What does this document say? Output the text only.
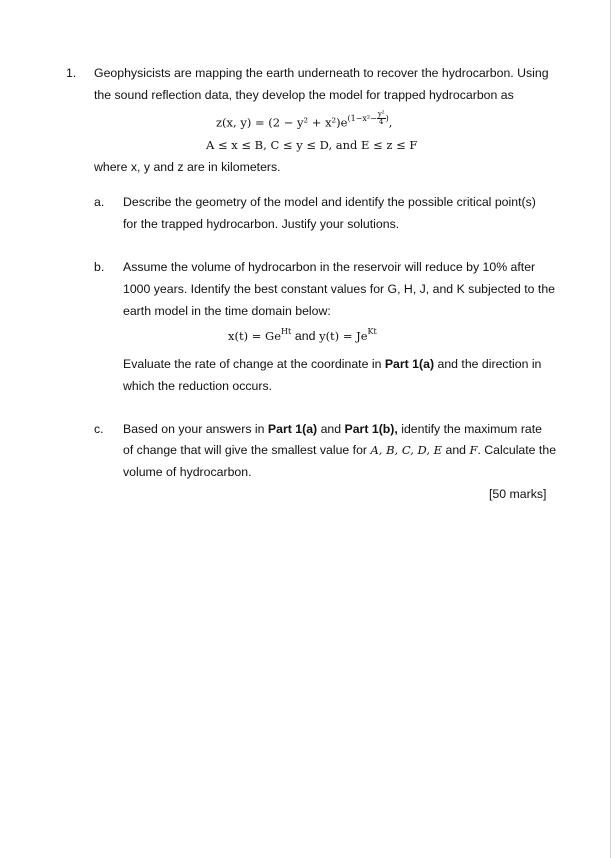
1. Geophysicists are mapping the earth underneath to recover the hydrocarbon. Using
the sound reflection data, they develop the model for trapped hydrocarbon as
z(x, $y) = (2 - y^2 + x^2)e^{(1-x^2- \frac{\text{y²}}{4} )}$,
A ≤ x ≤ B, C ≤ y ≤ D, and E ≤ z ≤ F
where x, y and z are in kilometers.
a. Describe the geometry of the model and identify the possible critical point(s)
for the trapped hydrocarbon. Justify your solutions.
b. Assume the volume of hydrocarbon in the reservoir will reduce by 10% after
1000 years. Identify the best constant values for G, H, J, and K subjected to the
earth model in the time domain below:
$x(t) = Ge^{Ht}$ and $y(t) = Je^{Kt}$
Evaluate the rate of change at the coordinate in Part 1(a) and the direction in
which the reduction occurs.
c. Based on your answers in Part 1(a) and Part 1(b), identify the maximum rate
of change that will give the smallest value for A, B, C, D, E and F. Calculate the
volume of hydrocarbon.
[50 marks]
